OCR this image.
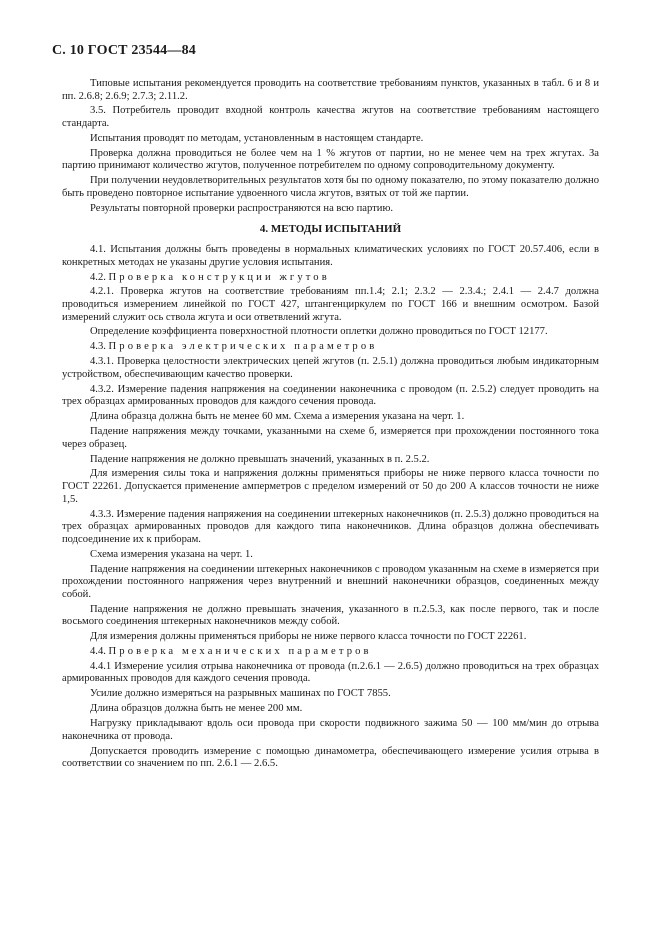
С. 10 ГОСТ 23544—84
Типовые испытания рекомендуется проводить на соответствие требованиям пунктов, указанных в табл. 6 и 8 и пп. 2.6.8; 2.6.9; 2.7.3; 2.11.2.
3.5. Потребитель проводит входной контроль качества жгутов на соответствие требованиям настоящего стандарта.
Испытания проводят по методам, установленным в настоящем стандарте.
Проверка должна проводиться не более чем на 1 % жгутов от партии, но не менее чем на трех жгутах. За партию принимают количество жгутов, полученное потребителем по одному сопроводительному документу.
При получении неудовлетворительных результатов хотя бы по одному показателю, по этому показателю должно быть проведено повторное испытание удвоенного числа жгутов, взятых от той же партии.
Результаты повторной проверки распространяются на всю партию.
4. МЕТОДЫ ИСПЫТАНИЙ
4.1. Испытания должны быть проведены в нормальных климатических условиях по ГОСТ 20.57.406, если в конкретных методах не указаны другие условия испытания.
4.2. Проверка конструкции жгутов
4.2.1. Проверка жгутов на соответствие требованиям пп.1.4; 2.1; 2.3.2 — 2.3.4.; 2.4.1 — 2.4.7 должна проводиться измерением линейкой по ГОСТ 427, штангенциркулем по ГОСТ 166 и внешним осмотром. Базой измерений служит ось ствола жгута и оси ответвлений жгута.
Определение коэффициента поверхностной плотности оплетки должно проводиться по ГОСТ 12177.
4.3. Проверка электрических параметров
4.3.1. Проверка целостности электрических цепей жгутов (п. 2.5.1) должна проводиться любым индикаторным устройством, обеспечивающим качество проверки.
4.3.2. Измерение падения напряжения на соединении наконечника с проводом (п. 2.5.2) следует проводить на трех образцах армированных проводов для каждого сечения провода.
Длина образца должна быть не менее 60 мм. Схема а измерения указана на черт. 1.
Падение напряжения между точками, указанными на схеме б, измеряется при прохождении постоянного тока через образец.
Падение напряжения не должно превышать значений, указанных в п. 2.5.2.
Для измерения силы тока и напряжения должны применяться приборы не ниже первого класса точности по ГОСТ 22261. Допускается применение амперметров с пределом измерений от 50 до 200 А классов точности не ниже 1,5.
4.3.3. Измерение падения напряжения на соединении штекерных наконечников (п. 2.5.3) должно проводиться на трех образцах армированных проводов для каждого типа наконечников. Длина образцов должна обеспечивать подсоединение их к приборам.
Схема измерения указана на черт. 1.
Падение напряжения на соединении штекерных наконечников с проводом указанным на схеме в измеряется при прохождении постоянного напряжения через внутренний и внешний наконечники образцов, соединенных между собой.
Падение напряжения не должно превышать значения, указанного в п.2.5.3, как после первого, так и после восьмого соединения штекерных наконечников между собой.
Для измерения должны применяться приборы не ниже первого класса точности по ГОСТ 22261.
4.4. Проверка механических параметров
4.4.1 Измерение усилия отрыва наконечника от провода (п.2.6.1 — 2.6.5) должно проводиться на трех образцах армированных проводов для каждого сечения провода.
Усилие должно измеряться на разрывных машинах по ГОСТ 7855.
Длина образцов должна быть не менее 200 мм.
Нагрузку прикладывают вдоль оси провода при скорости подвижного зажима 50 — 100 мм/мин до отрыва наконечника от провода.
Допускается проводить измерение с помощью динамометра, обеспечивающего измерение усилия отрыва в соответствии со значением по пп. 2.6.1 — 2.6.5.
